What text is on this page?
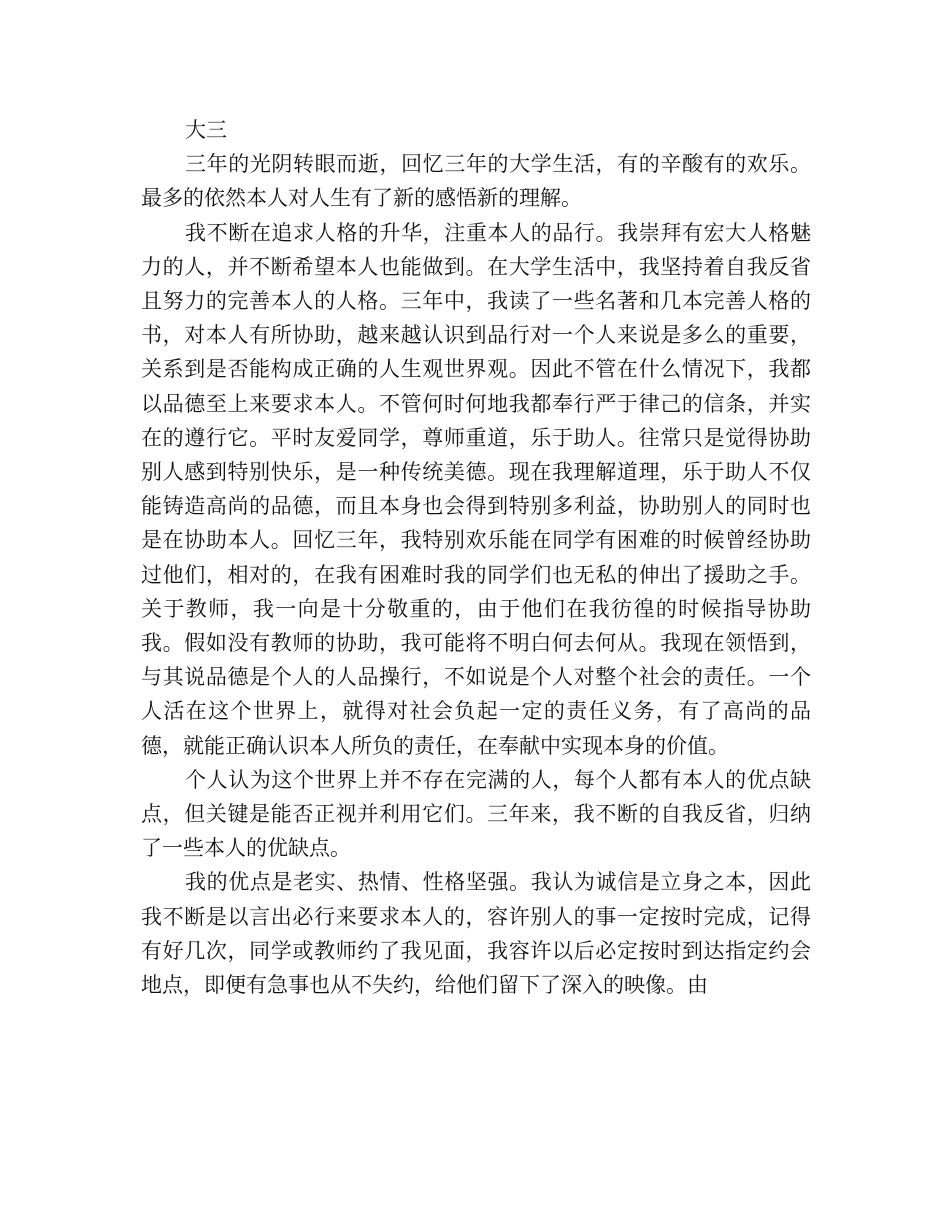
大三

三年的光阴转眼而逝，回忆三年的大学生活，有的辛酸有的欢乐。最多的依然本人对人生有了新的感悟新的理解。

我不断在追求人格的升华，注重本人的品行。我崇拜有宏大人格魅力的人，并不断希望本人也能做到。在大学生活中，我坚持着自我反省且努力的完善本人的人格。三年中，我读了一些名著和几本完善人格的书，对本人有所协助，越来越认识到品行对一个人来说是多么的重要，关系到是否能构成正确的人生观世界观。因此不管在什么情况下，我都以品德至上来要求本人。不管何时何地我都奉行严于律己的信条，并实在的遵行它。平时友爱同学，尊师重道，乐于助人。往常只是觉得协助别人感到特别快乐，是一种传统美德。现在我理解道理，乐于助人不仅能铸造高尚的品德，而且本身也会得到特别多利益，协助别人的同时也是在协助本人。回忆三年，我特别欢乐能在同学有困难的时候曾经协助过他们，相对的，在我有困难时我的同学们也无私的伸出了援助之手。关于教师，我一向是十分敬重的，由于他们在我彷徨的时候指导协助我。假如没有教师的协助，我可能将不明白何去何从。我现在领悟到，与其说品德是个人的人品操行，不如说是个人对整个社会的责任。一个人活在这个世界上，就得对社会负起一定的责任义务，有了高尚的品德，就能正确认识本人所负的责任，在奉献中实现本身的价值。

个人认为这个世界上并不存在完满的人，每个人都有本人的优点缺点，但关键是能否正视并利用它们。三年来，我不断的自我反省，归纳了一些本人的优缺点。

我的优点是老实、热情、性格坚强。我认为诚信是立身之本，因此我不断是以言出必行来要求本人的，容许别人的事一定按时完成，记得有好几次，同学或教师约了我见面，我容许以后必定按时到达指定约会地点，即便有急事也从不失约，给他们留下了深入的映像。由
